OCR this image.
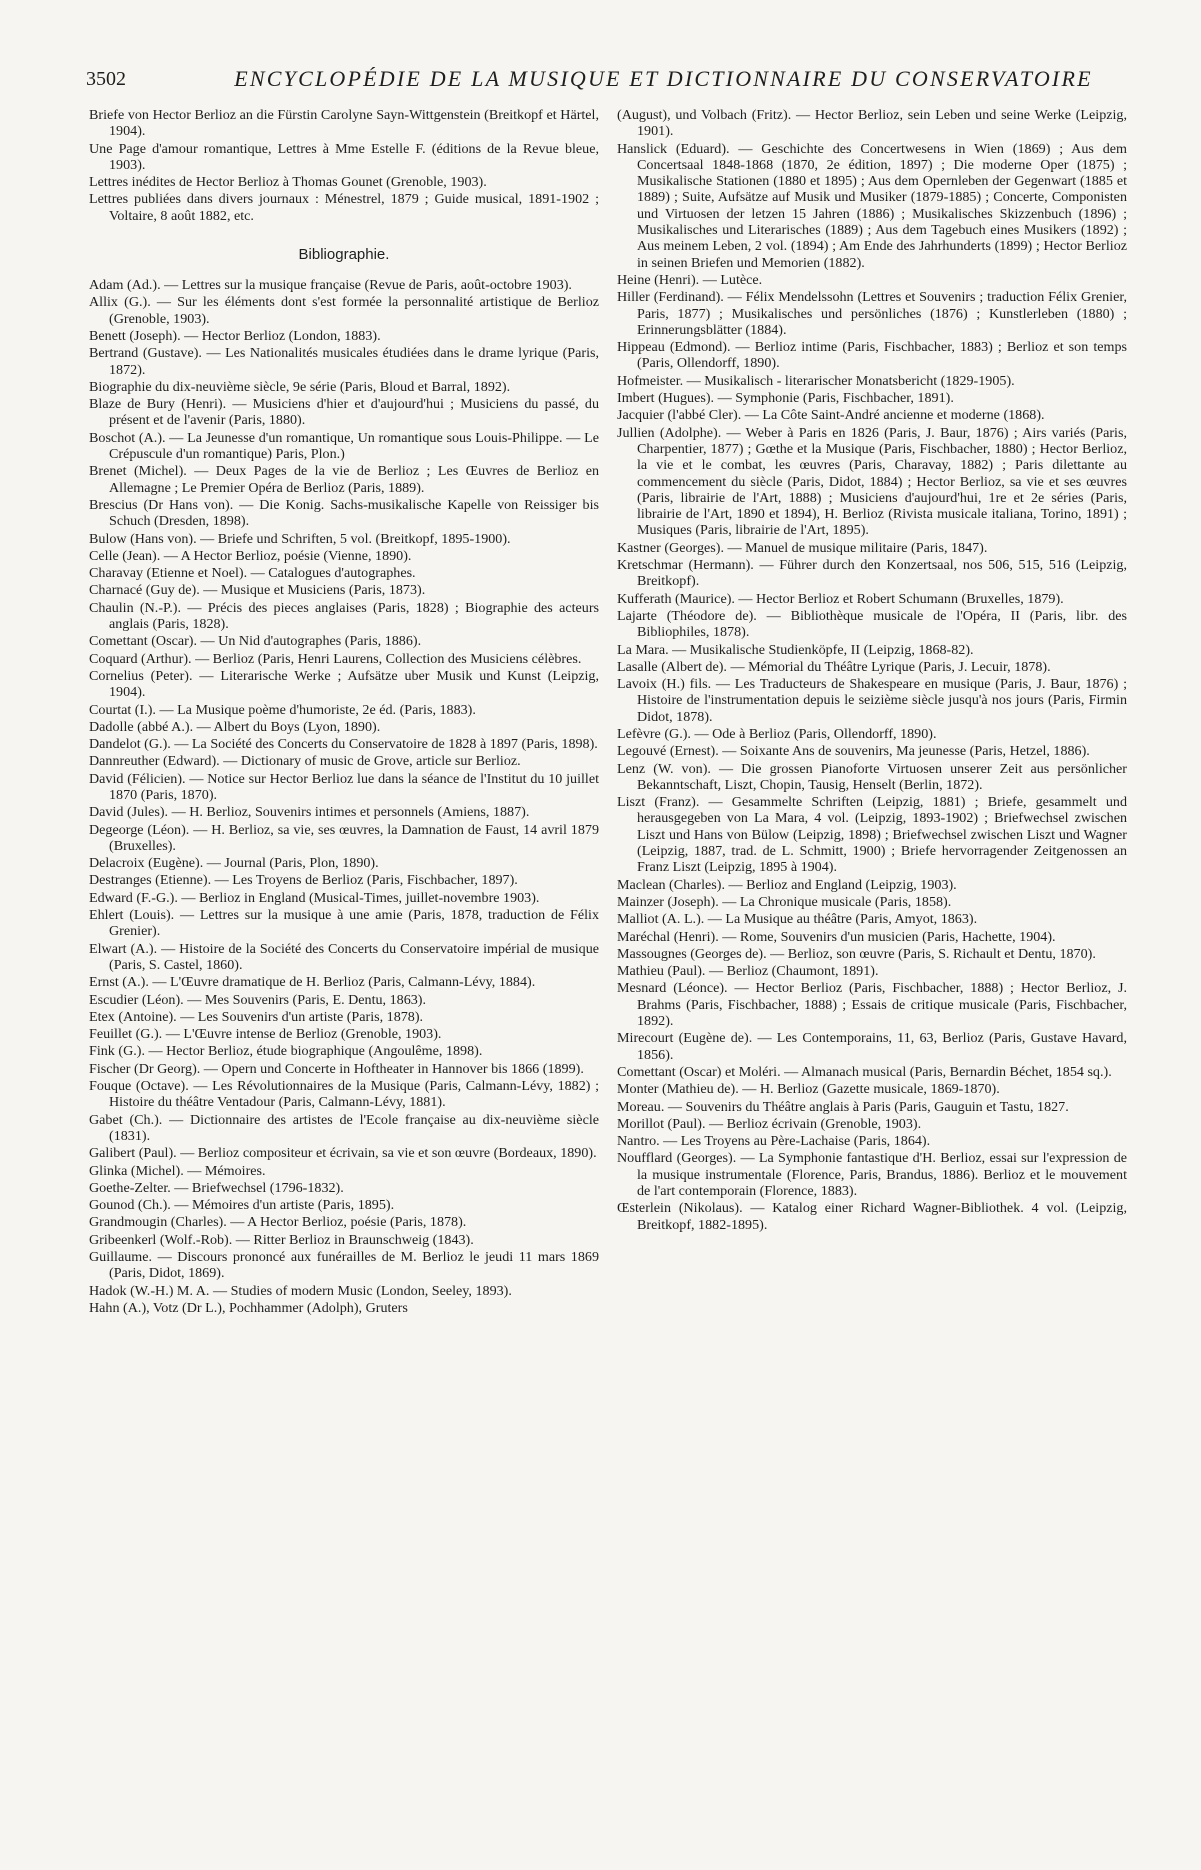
3502	ENCYCLOPÉDIE DE LA MUSIQUE ET DICTIONNAIRE DU CONSERVATOIRE

Briefe von Hector Berlioz an die Fürstin Carolyne Sayn-Wittgenstein (Breitkopf et Härtel, 1904).

Une Page d'amour romantique, Lettres à Mme Estelle F. (éditions de la Revue bleue, 1903).

Lettres inédites de Hector Berlioz à Thomas Gounet (Grenoble, 1903).

Lettres publiées dans divers journaux : Ménestrel, 1879 ; Guide musical, 1891-1902 ; Voltaire, 8 août 1882, etc.

Bibliographie.

Adam (Ad.). — Lettres sur la musique française (Revue de Paris, août-octobre 1903).

Allix (G.). — Sur les éléments dont s'est formée la personnalité artistique de Berlioz (Grenoble, 1903).

Benett (Joseph). — Hector Berlioz (London, 1883).

Bertrand (Gustave). — Les Nationalités musicales étudiées dans le drame lyrique (Paris, 1872).

Biographie du dix-neuvième siècle, 9e série (Paris, Bloud et Barral, 1892).

Blaze de Bury (Henri). — Musiciens d'hier et d'aujourd'hui ; Musiciens du passé, du présent et de l'avenir (Paris, 1880).

Boschot (A.). — La Jeunesse d'un romantique, Un romantique sous Louis-Philippe. — Le Crépuscule d'un romantique) Paris, Plon.)

Brenet (Michel). — Deux Pages de la vie de Berlioz ; Les Œuvres de Berlioz en Allemagne ; Le Premier Opéra de Berlioz (Paris, 1889).

Brescius (Dr Hans von). — Die Konig. Sachs-musikalische Kapelle von Reissiger bis Schuch (Dresden, 1898).

Bulow (Hans von). — Briefe und Schriften, 5 vol. (Breitkopf, 1895-1900).

Celle (Jean). — A Hector Berlioz, poésie (Vienne, 1890).

Charavay (Etienne et Noel). — Catalogues d'autographes.

Charnacé (Guy de). — Musique et Musiciens (Paris, 1873).

Chaulin (N.-P.). — Précis des pieces anglaises (Paris, 1828) ; Biographie des acteurs anglais (Paris, 1828).

Comettant (Oscar). — Un Nid d'autographes (Paris, 1886).

Coquard (Arthur). — Berlioz (Paris, Henri Laurens, Collection des Musiciens célèbres.

Cornelius (Peter). — Literarische Werke ; Aufsätze uber Musik und Kunst (Leipzig, 1904).

Courtat (I.). — La Musique poème d'humoriste, 2e éd. (Paris, 1883).

Dadolle (abbé A.). — Albert du Boys (Lyon, 1890).

Dandelot (G.). — La Société des Concerts du Conservatoire de 1828 à 1897 (Paris, 1898).

Dannreuther (Edward). — Dictionary of music de Grove, article sur Berlioz.

David (Félicien). — Notice sur Hector Berlioz lue dans la séance de l'Institut du 10 juillet 1870 (Paris, 1870).

David (Jules). — H. Berlioz, Souvenirs intimes et personnels (Amiens, 1887).

Degeorge (Léon). — H. Berlioz, sa vie, ses œuvres, la Damnation de Faust, 14 avril 1879 (Bruxelles).

Delacroix (Eugène). — Journal (Paris, Plon, 1890).

Destranges (Etienne). — Les Troyens de Berlioz (Paris, Fischbacher, 1897).

Edward (F.-G.). — Berlioz in England (Musical-Times, juillet-novembre 1903).

Ehlert (Louis). — Lettres sur la musique à une amie (Paris, 1878, traduction de Félix Grenier).

Elwart (A.). — Histoire de la Société des Concerts du Conservatoire impérial de musique (Paris, S. Castel, 1860).

Ernst (A.). — L'Œuvre dramatique de H. Berlioz (Paris, Calmann-Lévy, 1884).

Escudier (Léon). — Mes Souvenirs (Paris, E. Dentu, 1863).

Etex (Antoine). — Les Souvenirs d'un artiste (Paris, 1878).

Feuillet (G.). — L'Œuvre intense de Berlioz (Grenoble, 1903).

Fink (G.). — Hector Berlioz, étude biographique (Angoulême, 1898).

Fischer (Dr Georg). — Opern und Concerte in Hoftheater in Hannover bis 1866 (1899).

Fouque (Octave). — Les Révolutionnaires de la Musique (Paris, Calmann-Lévy, 1882) ; Histoire du théâtre Ventadour (Paris, Calmann-Lévy, 1881).

Gabet (Ch.). — Dictionnaire des artistes de l'Ecole française au dix-neuvième siècle (1831).

Galibert (Paul). — Berlioz compositeur et écrivain, sa vie et son œuvre (Bordeaux, 1890).

Glinka (Michel). — Mémoires.

Goethe-Zelter. — Briefwechsel (1796-1832).

Gounod (Ch.). — Mémoires d'un artiste (Paris, 1895).

Grandmougin (Charles). — A Hector Berlioz, poésie (Paris, 1878).

Gribeenkerl (Wolf.-Rob). — Ritter Berlioz in Braunschweig (1843).

Guillaume. — Discours prononcé aux funérailles de M. Berlioz le jeudi 11 mars 1869 (Paris, Didot, 1869).

Hadok (W.-H.) M. A. — Studies of modern Music (London, Seeley, 1893).

Hahn (A.), Votz (Dr L.), Pochhammer (Adolph), Gruters

(August), und Volbach (Fritz). — Hector Berlioz, sein Leben und seine Werke (Leipzig, 1901).

Hanslick (Eduard). — Geschichte des Concertwesens in Wien (1869) ; Aus dem Concertsaal 1848-1868 (1870, 2e édition, 1897) ; Die moderne Oper (1875) ; Musikalische Stationen (1880 et 1895) ; Aus dem Opernleben der Gegenwart (1885 et 1889) ; Suite, Aufsätze auf Musik und Musiker (1879-1885) ; Concerte, Componisten und Virtuosen der letzen 15 Jahren (1886) ; Musikalisches Skizzenbuch (1896) ; Musikalisches und Literarisches (1889) ; Aus dem Tagebuch eines Musikers (1892) ; Aus meinem Leben, 2 vol. (1894) ; Am Ende des Jahrhunderts (1899) ; Hector Berlioz in seinen Briefen und Memorien (1882).

Heine (Henri). — Lutèce.

Hiller (Ferdinand). — Félix Mendelssohn (Lettres et Souvenirs ; traduction Félix Grenier, Paris, 1877) ; Musikalisches und persönliches (1876) ; Kunstlerleben (1880) ; Erinnerungsblätter (1884).

Hippeau (Edmond). — Berlioz intime (Paris, Fischbacher, 1883) ; Berlioz et son temps (Paris, Ollendorff, 1890).

Hofmeister. — Musikalisch - literarischer Monatsbericht (1829-1905).

Imbert (Hugues). — Symphonie (Paris, Fischbacher, 1891).

Jacquier (l'abbé Cler). — La Côte Saint-André ancienne et moderne (1868).

Jullien (Adolphe). — Weber à Paris en 1826 (Paris, J. Baur, 1876) ; Airs variés (Paris, Charpentier, 1877) ; Gœthe et la Musique (Paris, Fischbacher, 1880) ; Hector Berlioz, la vie et le combat, les œuvres (Paris, Charavay, 1882) ; Paris dilettante au commencement du siècle (Paris, Didot, 1884) ; Hector Berlioz, sa vie et ses œuvres (Paris, librairie de l'Art, 1888) ; Musiciens d'aujourd'hui, 1re et 2e séries (Paris, librairie de l'Art, 1890 et 1894), H. Berlioz (Rivista musicale italiana, Torino, 1891) ; Musiques (Paris, librairie de l'Art, 1895).

Kastner (Georges). — Manuel de musique militaire (Paris, 1847).

Kretschmar (Hermann). — Führer durch den Konzertsaal, nos 506, 515, 516 (Leipzig, Breitkopf).

Kufferath (Maurice). — Hector Berlioz et Robert Schumann (Bruxelles, 1879).

Lajarte (Théodore de). — Bibliothèque musicale de l'Opéra, II (Paris, libr. des Bibliophiles, 1878).

La Mara. — Musikalische Studienköpfe, II (Leipzig, 1868-82).

Lasalle (Albert de). — Mémorial du Théâtre Lyrique (Paris, J. Lecuir, 1878).

Lavoix (H.) fils. — Les Traducteurs de Shakespeare en musique (Paris, J. Baur, 1876) ; Histoire de l'instrumentation depuis le seizième siècle jusqu'à nos jours (Paris, Firmin Didot, 1878).

Lefèvre (G.). — Ode à Berlioz (Paris, Ollendorff, 1890).

Legouvé (Ernest). — Soixante Ans de souvenirs, Ma jeunesse (Paris, Hetzel, 1886).

Lenz (W. von). — Die grossen Pianoforte Virtuosen unserer Zeit aus persönlicher Bekanntschaft, Liszt, Chopin, Tausig, Henselt (Berlin, 1872).

Liszt (Franz). — Gesammelte Schriften (Leipzig, 1881) ; Briefe, gesammelt und herausgegeben von La Mara, 4 vol. (Leipzig, 1893-1902) ; Briefwechsel zwischen Liszt und Hans von Bülow (Leipzig, 1898) ; Briefwechsel zwischen Liszt und Wagner (Leipzig, 1887, trad. de L. Schmitt, 1900) ; Briefe hervorragender Zeitgenossen an Franz Liszt (Leipzig, 1895 à 1904).

Maclean (Charles). — Berlioz and England (Leipzig, 1903).

Mainzer (Joseph). — La Chronique musicale (Paris, 1858).

Malliot (A. L.). — La Musique au théâtre (Paris, Amyot, 1863).

Maréchal (Henri). — Rome, Souvenirs d'un musicien (Paris, Hachette, 1904).

Massougnes (Georges de). — Berlioz, son œuvre (Paris, S. Richault et Dentu, 1870).

Mathieu (Paul). — Berlioz (Chaumont, 1891).

Mesnard (Léonce). — Hector Berlioz (Paris, Fischbacher, 1888) ; Hector Berlioz, J. Brahms (Paris, Fischbacher, 1888) ; Essais de critique musicale (Paris, Fischbacher, 1892).

Mirecourt (Eugène de). — Les Contemporains, 11, 63, Berlioz (Paris, Gustave Havard, 1856).

Comettant (Oscar) et Moléri. — Almanach musical (Paris, Bernardin Béchet, 1854 sq.).

Monter (Mathieu de). — H. Berlioz (Gazette musicale, 1869-1870).

Moreau. — Souvenirs du Théâtre anglais à Paris (Paris, Gauguin et Tastu, 1827.

Morillot (Paul). — Berlioz écrivain (Grenoble, 1903).

Nantro. — Les Troyens au Père-Lachaise (Paris, 1864).

Noufflard (Georges). — La Symphonie fantastique d'H. Berlioz, essai sur l'expression de la musique instrumentale (Florence, Paris, Brandus, 1886). Berlioz et le mouvement de l'art contemporain (Florence, 1883).

Œsterlein (Nikolaus). — Katalog einer Richard Wagner-Bibliothek. 4 vol. (Leipzig, Breitkopf, 1882-1895).
